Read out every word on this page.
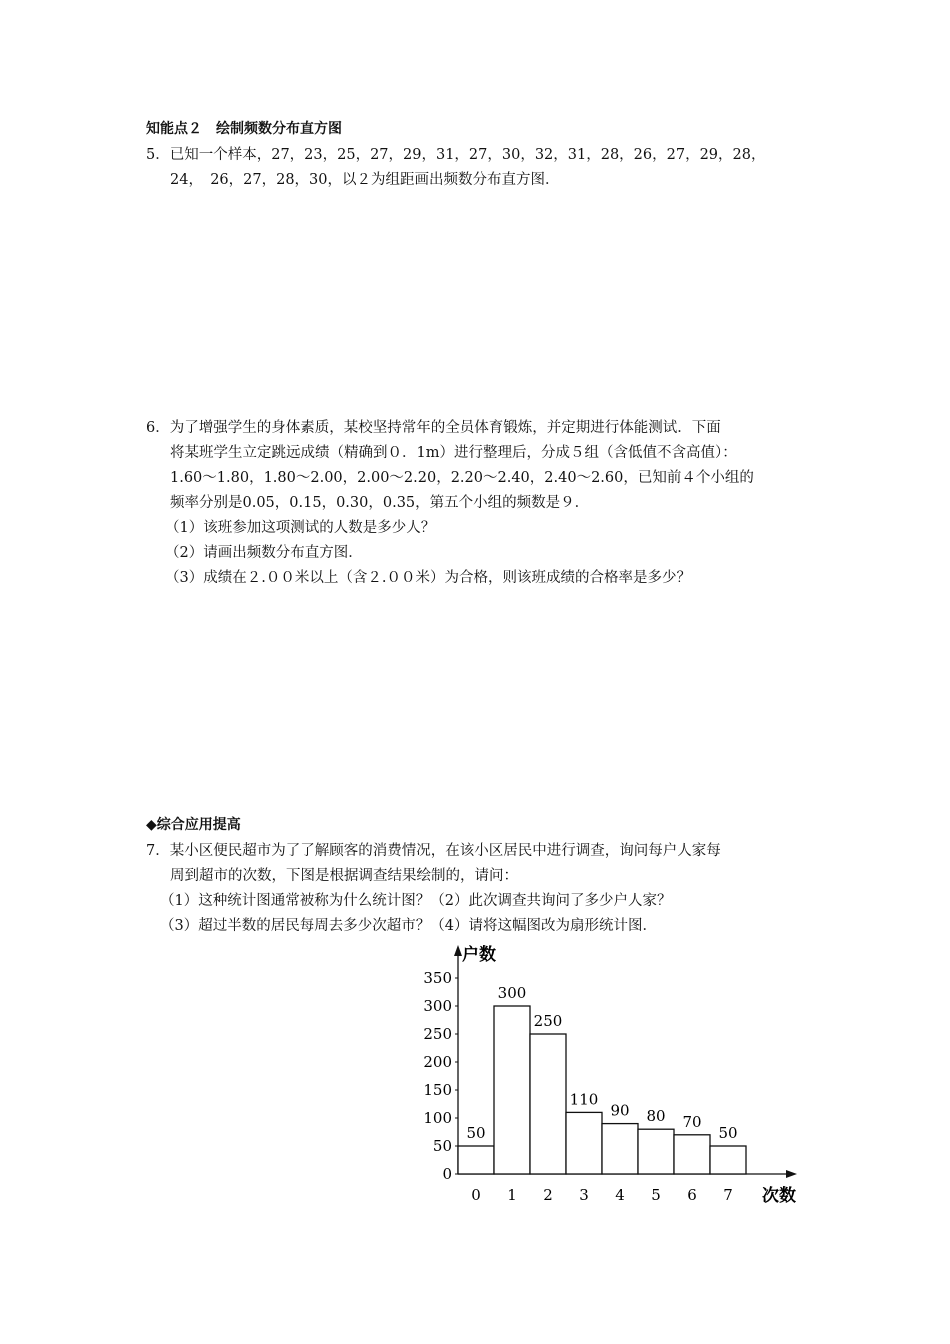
知能点２　绘制频数分布直方图
5．已知一个样本，27，23，25，27，29，31，27，30，32，31，28，26，27，29，28，
24，　26，27，28，30，以２为组距画出频数分布直方图．
6．为了增强学生的身体素质，某校坚持常年的全员体育锻炼，并定期进行体能测试．下面
将某班学生立定跳远成绩（精确到０．1m）进行整理后，分成５组（含低值不含高值）：
1.60～1.80，1.80～2.00，2.00～2.20，2.20～2.40，2.40～2.60，已知前４个小组的
频率分别是0.05，0.15，0.30，0.35，第五个小组的频数是９．
（1）该班参加这项测试的人数是多少人？
（2）请画出频数分布直方图．
（3）成绩在２.００米以上（含２.００米）为合格，则该班成绩的合格率是多少？
◆综合应用提高
7．某小区便民超市为了了解顾客的消费情况，在该小区居民中进行调查，询问每户人家每
周到超市的次数，下图是根据调查结果绘制的，请问：
（1）这种统计图通常被称为什么统计图？（2）此次调查共询问了多少户人家？
（3）超过半数的居民每周去多少次超市？（4）请将这幅图改为扇形统计图．
0
50
100
150
200
250
300
350
0 1 2 3 4 5 6 7
50
300
250
110
90 80 70
50
户数
次数
